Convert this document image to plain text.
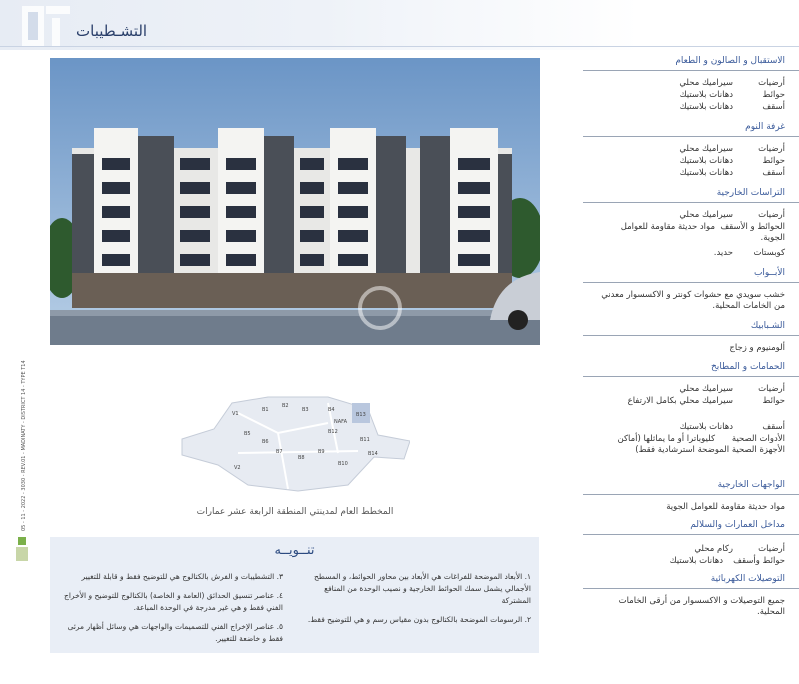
التشـطيبات
05 - 11 - 2022 - 3030 - REV.01 - MADINATY - DISTRICT 14 - TYPE T14	V1
V2
B1
B2
B3	B4
B5
B6
B7
B8
B9
B10
B11
B12
B13
B14
NAFA
المخطط العام لمدينتي المنطقة الرابعة عشر عمارات
تنــويــه

١. الأبعاد الموضحة للفراغات هي الأبعاد بين محاور الحوائط، و المسطح الأجمالي يشمل سمك الحوائط الخارجية و نصيب الوحدة من المنافع المشتركة

٢. الرسومات الموضحة بالكتالوج بدون مقياس رسم و هي للتوضيح فقط.

٣. التشطيبات و الفرش بالكتالوج هي للتوضيح فقط و قابلة للتغيير

٤. عناصر تنسيق الحدائق (العامة و الخاصة) بالكتالوج للتوضيح و الأخراج الفني فقط و هي غير مدرجة في الوحدة المباعة.

٥. عناصر الإخراج الفني للتصميمات والواجهات هي وسائل أظهار مرئى فقط و خاضعة للتغيير.

الاستقبال و الصالون و الطعام
أرضياتسيراميك محلي
حوائطدهانات بلاستيك
أسقفدهانات بلاستيك
غرفة النوم
أرضياتسيراميك محلي
حوائطدهانات بلاستيك
أسقفدهانات بلاستيك
التراسات الخارجية
أرضياتسيراميك محلي
الحوائط و الأسقفمواد حديثة مقاومة للعوامل الجوية.
كوبستاتحديد.
الأبــواب
خشب سويدي مع حشوات كونتر و الاكسسوار معدني من الخامات المحلية.
الشـبابيك
ألومنيوم و زجاج
الحمامات و المطابخ
أرضياتسيراميك محلي
حوائطسيراميك محلي بكامل الارتفاع
أسقفدهانات بلاستيك
الأدوات الصحيةكليوباترا أو ما يماثلها (أماكن الأجهزة الصحية الموضحة استرشادية فقط)
الواجهات الخارجية
مواد حديثة مقاومة للعوامل الجوية
مداخل العمارات والسلالم
أرضياتركام محلي
حوائط وأسقفدهانات بلاستيك
التوصيلات الكهربائية
جميع التوصيلات و الاكسسوار من أرقى الخامات المحلية.
